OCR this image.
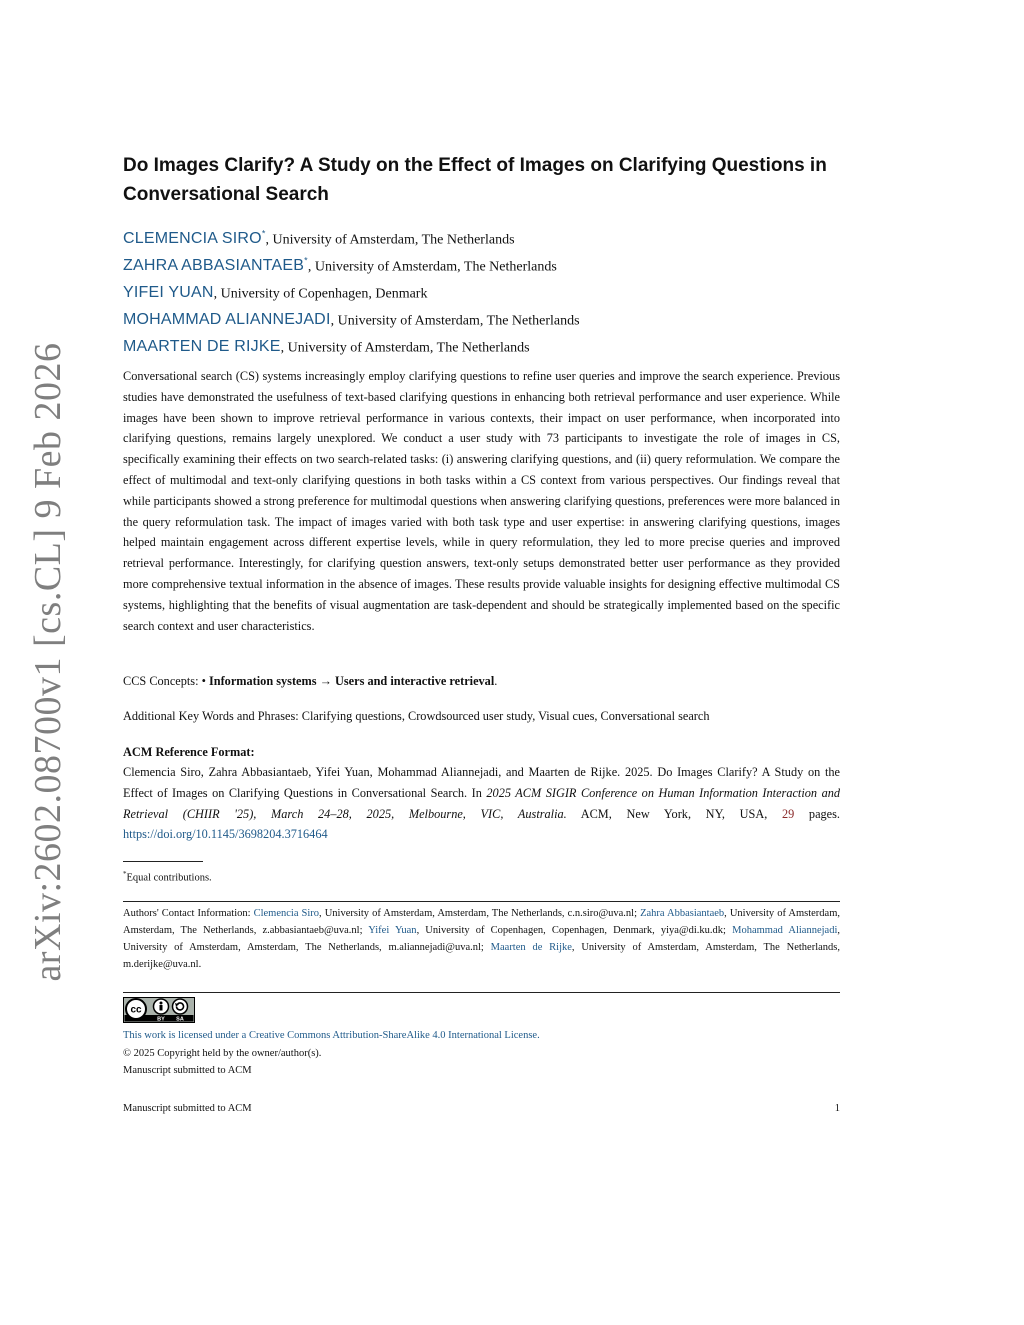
arXiv:2602.08700v1 [cs.CL] 9 Feb 2026
Do Images Clarify? A Study on the Effect of Images on Clarifying Questions in Conversational Search
CLEMENCIA SIRO*, University of Amsterdam, The Netherlands
ZAHRA ABBASIANTAEB*, University of Amsterdam, The Netherlands
YIFEI YUAN, University of Copenhagen, Denmark
MOHAMMAD ALIANNEJADI, University of Amsterdam, The Netherlands
MAARTEN DE RIJKE, University of Amsterdam, The Netherlands

Conversational search (CS) systems increasingly employ clarifying questions to refine user queries and improve the search experience. Previous studies have demonstrated the usefulness of text-based clarifying questions in enhancing both retrieval performance and user experience. While images have been shown to improve retrieval performance in various contexts, their impact on user performance, when incorporated into clarifying questions, remains largely unexplored. We conduct a user study with 73 participants to investigate the role of images in CS, specifically examining their effects on two search-related tasks: (i) answering clarifying questions, and (ii) query reformulation. We compare the effect of multimodal and text-only clarifying questions in both tasks within a CS context from various perspectives. Our findings reveal that while participants showed a strong preference for multimodal questions when answering clarifying questions, preferences were more balanced in the query reformulation task. The impact of images varied with both task type and user expertise: in answering clarifying questions, images helped maintain engagement across different expertise levels, while in query reformulation, they led to more precise queries and improved retrieval performance. Interestingly, for clarifying question answers, text-only setups demonstrated better user performance as they provided more comprehensive textual information in the absence of images. These results provide valuable insights for designing effective multimodal CS systems, highlighting that the benefits of visual augmentation are task-dependent and should be strategically implemented based on the specific search context and user characteristics.

CCS Concepts: • Information systems → Users and interactive retrieval.
Additional Key Words and Phrases: Clarifying questions, Crowdsourced user study, Visual cues, Conversational search
ACM Reference Format:

Clemencia Siro, Zahra Abbasiantaeb, Yifei Yuan, Mohammad Aliannejadi, and Maarten de Rijke. 2025. Do Images Clarify? A Study on the Effect of Images on Clarifying Questions in Conversational Search. In 2025 ACM SIGIR Conference on Human Information Interaction and Retrieval (CHIIR '25), March 24–28, 2025, Melbourne, VIC, Australia. ACM, New York, NY, USA, 29 pages. https://doi.org/10.1145/3698204.3716464

*Equal contributions.

Authors' Contact Information: Clemencia Siro, University of Amsterdam, Amsterdam, The Netherlands, c.n.siro@uva.nl; Zahra Abbasiantaeb, University of Amsterdam, Amsterdam, The Netherlands, z.abbasiantaeb@uva.nl; Yifei Yuan, University of Copenhagen, Copenhagen, Denmark, yiya@di.ku.dk; Mohammad Aliannejadi, University of Amsterdam, Amsterdam, The Netherlands, m.aliannejadi@uva.nl; Maarten de Rijke, University of Amsterdam, Amsterdam, The Netherlands, m.derijke@uva.nl.

cc
BY SA
This work is licensed under a Creative Commons Attribution-ShareAlike 4.0 International License.
© 2025 Copyright held by the owner/author(s).
Manuscript submitted to ACM
Manuscript submitted to ACM	1
